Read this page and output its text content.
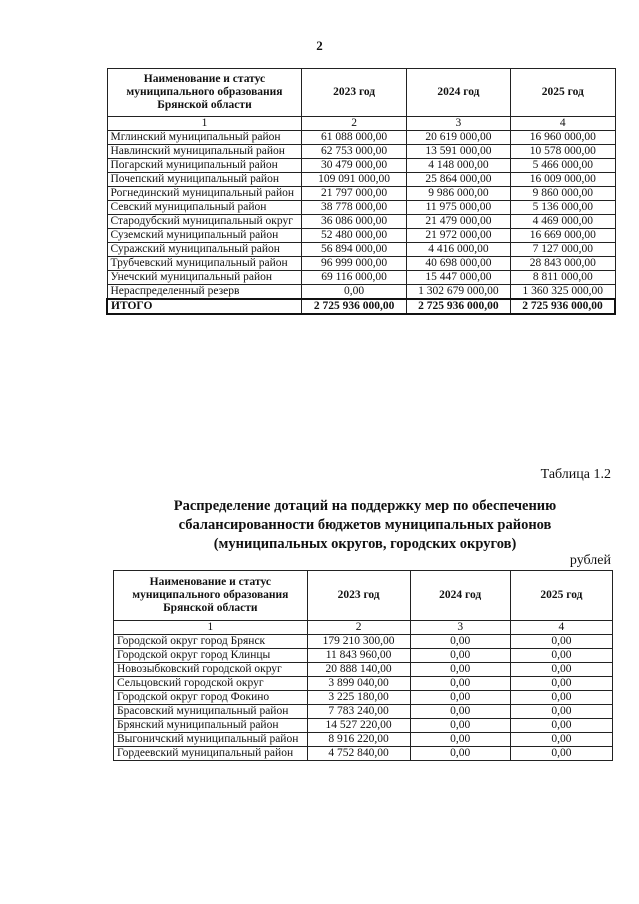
2
Наименование и статус муниципального образования Брянской области	2023 год	2024 год	2025 год
1	2	3	4
Мглинский муниципальный район	61 088 000,00	20 619 000,00	16 960 000,00
Навлинский муниципальный район	62 753 000,00	13 591 000,00	10 578 000,00
Погарский муниципальный район	30 479 000,00	4 148 000,00	5 466 000,00
Почепский муниципальный район	109 091 000,00	25 864 000,00	16 009 000,00
Рогнединский муниципальный район	21 797 000,00	9 986 000,00	9 860 000,00
Севский муниципальный район	38 778 000,00	11 975 000,00	5 136 000,00
Стародубский муниципальный округ	36 086 000,00	21 479 000,00	4 469 000,00
Суземский муниципальный район	52 480 000,00	21 972 000,00	16 669 000,00
Суражский муниципальный район	56 894 000,00	4 416 000,00	7 127 000,00
Трубчевский муниципальный район	96 999 000,00	40 698 000,00	28 843 000,00
Унечский муниципальный район	69 116 000,00	15 447 000,00	8 811 000,00
Нераспределенный резерв	0,00	1 302 679 000,00	1 360 325 000,00
ИТОГО	2 725 936 000,00	2 725 936 000,00	2 725 936 000,00
Таблица 1.2
Распределение дотаций на поддержку мер по обеспечению
сбалансированности бюджетов муниципальных районов
(муниципальных округов, городских округов)
рублей
Наименование и статус муниципального образования Брянской области	2023 год	2024 год	2025 год
1	2	3	4
Городской округ город Брянск	179 210 300,00	0,00	0,00
Городской округ город Клинцы	11 843 960,00	0,00	0,00
Новозыбковский городской округ	20 888 140,00	0,00	0,00
Сельцовский городской округ	3 899 040,00	0,00	0,00
Городской округ город Фокино	3 225 180,00	0,00	0,00
Брасовский муниципальный район	7 783 240,00	0,00	0,00
Брянский муниципальный район	14 527 220,00	0,00	0,00
Выгоничский муниципальный район	8 916 220,00	0,00	0,00
Гордеевский муниципальный район	4 752 840,00	0,00	0,00
